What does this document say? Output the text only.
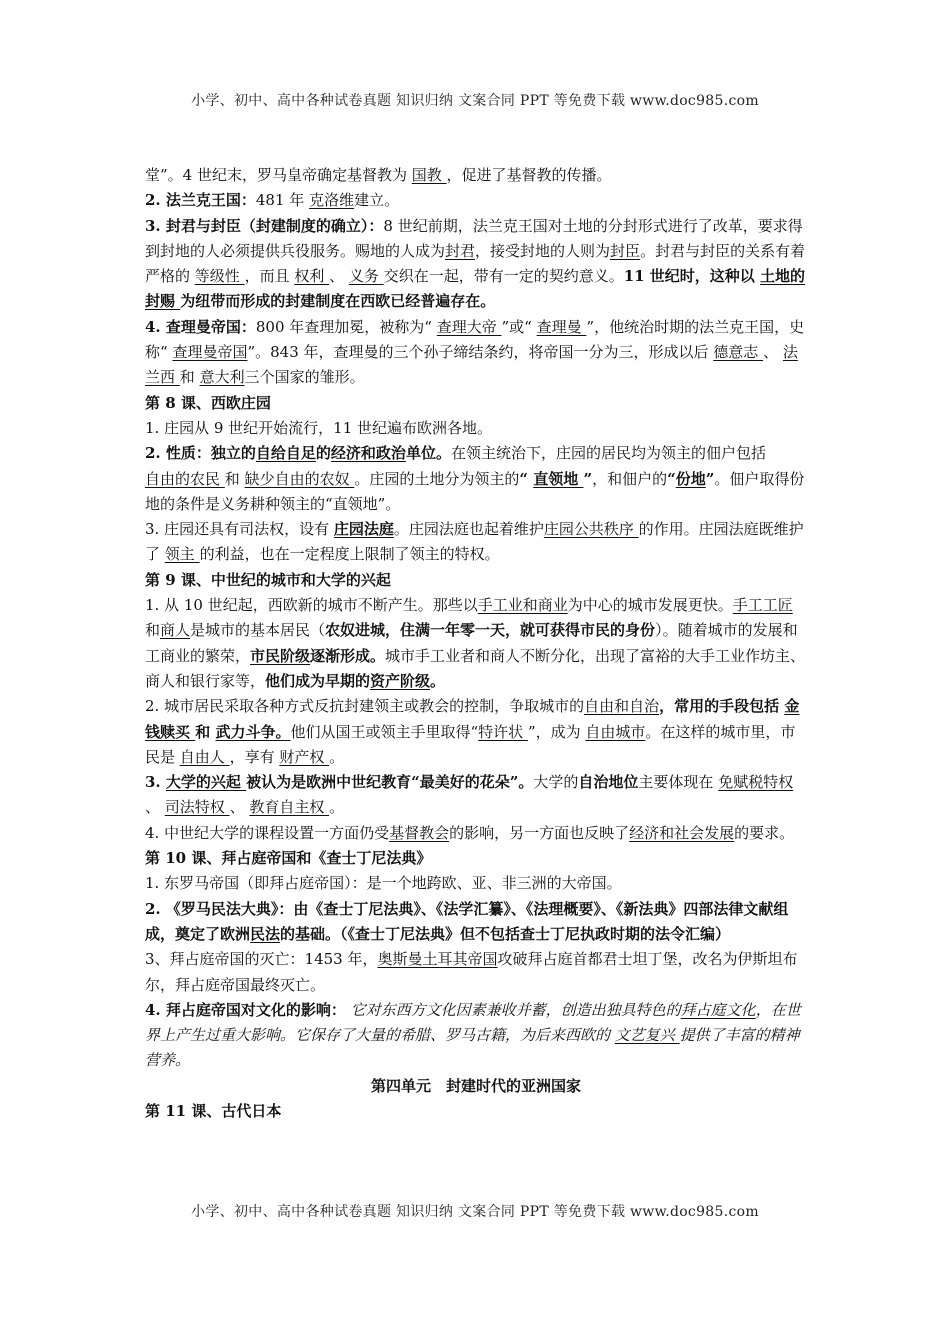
小学、初中、高中各种试卷真题 知识归纳 文案合同 PPT 等免费下载 www.doc985.com

堂”。4 世纪末，罗马皇帝确定基督教为 国教 ，促进了基督教的传播。

2. 法兰克王国：481 年 克洛维建立。

3. 封君与封臣（封建制度的确立）：8 世纪前期，法兰克王国对土地的分封形式进行了改革，要求得到封地的人必须提供兵役服务。赐地的人成为封君，接受封地的人则为封臣。封君与封臣的关系有着严格的 等级性 ，而且 权利 、 义务 交织在一起，带有一定的契约意义。11 世纪时，这种以 土地的封赐 为纽带而形成的封建制度在西欧已经普遍存在。

4. 查理曼帝国：800 年查理加冕，被称为“ 查理大帝 ”或“ 查理曼 ”，他统治时期的法兰克王国，史称“ 查理曼帝国”。843 年，查理曼的三个孙子缔结条约，将帝国一分为三，形成以后 德意志 、 法兰西 和 意大利三个国家的雏形。

第 8 课、西欧庄园

1. 庄园从 9 世纪开始流行，11 世纪遍布欧洲各地。

2. 性质：独立的自给自足的经济和政治单位。在领主统治下，庄园的居民均为领主的佃户包括

自由的农民 和 缺少自由的农奴 。庄园的土地分为领主的“ 直领地 ”，和佃户的“份地”。佃户取得份地的条件是义务耕种领主的“直领地”。

3. 庄园还具有司法权，设有 庄园法庭。庄园法庭也起着维护庄园公共秩序 的作用。庄园法庭既维护了 领主 的利益，也在一定程度上限制了领主的特权。

第 9 课、中世纪的城市和大学的兴起

1. 从 10 世纪起，西欧新的城市不断产生。那些以手工业和商业为中心的城市发展更快。手工工匠和商人是城市的基本居民（农奴进城，住满一年零一天，就可获得市民的身份）。随着城市的发展和工商业的繁荣，市民阶级逐渐形成。城市手工业者和商人不断分化，出现了富裕的大手工业作坊主、商人和银行家等，他们成为早期的资产阶级。

2. 城市居民采取各种方式反抗封建领主或教会的控制，争取城市的自由和自治，常用的手段包括 金钱赎买 和 武力斗争。他们从国王或领主手里取得“特许状 ”，成为 自由城市。在这样的城市里，市民是 自由人 ，享有 财产权 。

3. 大学的兴起 被认为是欧洲中世纪教育“最美好的花朵”。大学的自治地位主要体现在 免赋税特权 、 司法特权 、 教育自主权 。

4. 中世纪大学的课程设置一方面仍受基督教会的影响，另一方面也反映了经济和社会发展的要求。

第 10 课、拜占庭帝国和《查士丁尼法典》

1. 东罗马帝国（即拜占庭帝国）：是一个地跨欧、亚、非三洲的大帝国。

2. 《罗马民法大典》：由《查士丁尼法典》、《法学汇纂》、《法理概要》、《新法典》四部法律文献组成，奠定了欧洲民法的基础。（《查士丁尼法典》但不包括查士丁尼执政时期的法令汇编）

3、拜占庭帝国的灭亡：1453 年，奥斯曼土耳其帝国攻破拜占庭首都君士坦丁堡，改名为伊斯坦布尔，拜占庭帝国最终灭亡。

4. 拜占庭帝国对文化的影响： 它对东西方文化因素兼收并蓄，创造出独具特色的拜占庭文化，在世界上产生过重大影响。它保存了大量的希腊、罗马古籍，为后来西欧的 文艺复兴 提供了丰富的精神营养。

第四单元　封建时代的亚洲国家

第 11 课、古代日本

小学、初中、高中各种试卷真题 知识归纳 文案合同 PPT 等免费下载 www.doc985.com
